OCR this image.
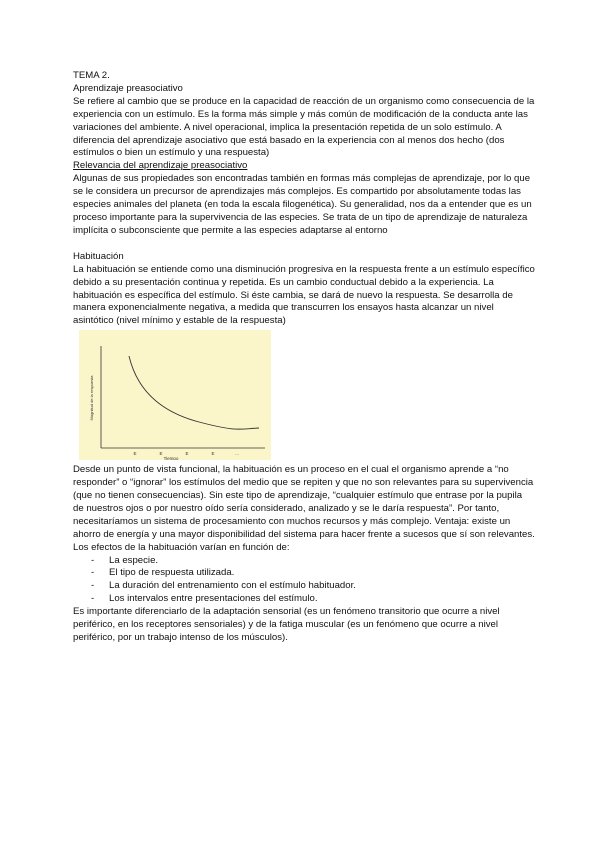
TEMA 2.

Aprendizaje preasociativo

Se refiere al cambio que se produce en la capacidad de reacción de un organismo como consecuencia de la experiencia con un estímulo. Es la forma más simple y más común de modificación de la conducta ante las variaciones del ambiente. A nivel operacional, implica la presentación repetida de un solo estímulo. A diferencia del aprendizaje asociativo que está basado en la experiencia con al menos dos hecho (dos estímulos o bien un estímulo y una respuesta)

Relevancia del aprendizaje preasociativo

Algunas de sus propiedades son encontradas también en formas más complejas de aprendizaje, por lo que se le considera un precursor de aprendizajes más complejos. Es compartido por absolutamente todas las especies animales del planeta (en toda la escala filogenética). Su generalidad, nos da a entender que es un proceso importante para la supervivencia de las especies. Se trata de un tipo de aprendizaje de naturaleza implícita o subconsciente que permite a las especies adaptarse al entorno

Habituación

La habituación se entiende como una disminución progresiva en la respuesta frente a un estímulo específico debido a su presentación continua y repetida. Es un cambio conductual debido a la experiencia. La habituación es específica del estímulo. Si éste cambia, se dará de nuevo la respuesta. Se desarrolla de manera exponencialmente negativa, a medida que transcurren los ensayos hasta alcanzar un nivel asintótico (nivel mínimo y estable de la respuesta)

Magnitud de la respuesta
E	E	E	E	...
Tiempo

Desde un punto de vista funcional, la habituación es un proceso en el cual el organismo aprende a “no responder” o “ignorar” los estímulos del medio que se repiten y que no son relevantes para su supervivencia (que no tienen consecuencias). Sin este tipo de aprendizaje, “cualquier estímulo que entrase por la pupila de nuestros ojos o por nuestro oído sería considerado, analizado y se le daría respuesta”. Por tanto, necesitaríamos un sistema de procesamiento con muchos recursos y más complejo. Ventaja: existe un ahorro de energía y una mayor disponibilidad del sistema para hacer frente a sucesos que sí son relevantes.

Los efectos de la habituación varían en función de:

- La especie.
- El tipo de respuesta utilizada.
- La duración del entrenamiento con el estímulo habituador.
- Los intervalos entre presentaciones del estímulo.

Es importante diferenciarlo de la adaptación sensorial (es un fenómeno transitorio que ocurre a nivel periférico, en los receptores sensoriales) y de la fatiga muscular (es un fenómeno que ocurre a nivel periférico, por un trabajo intenso de los músculos).
